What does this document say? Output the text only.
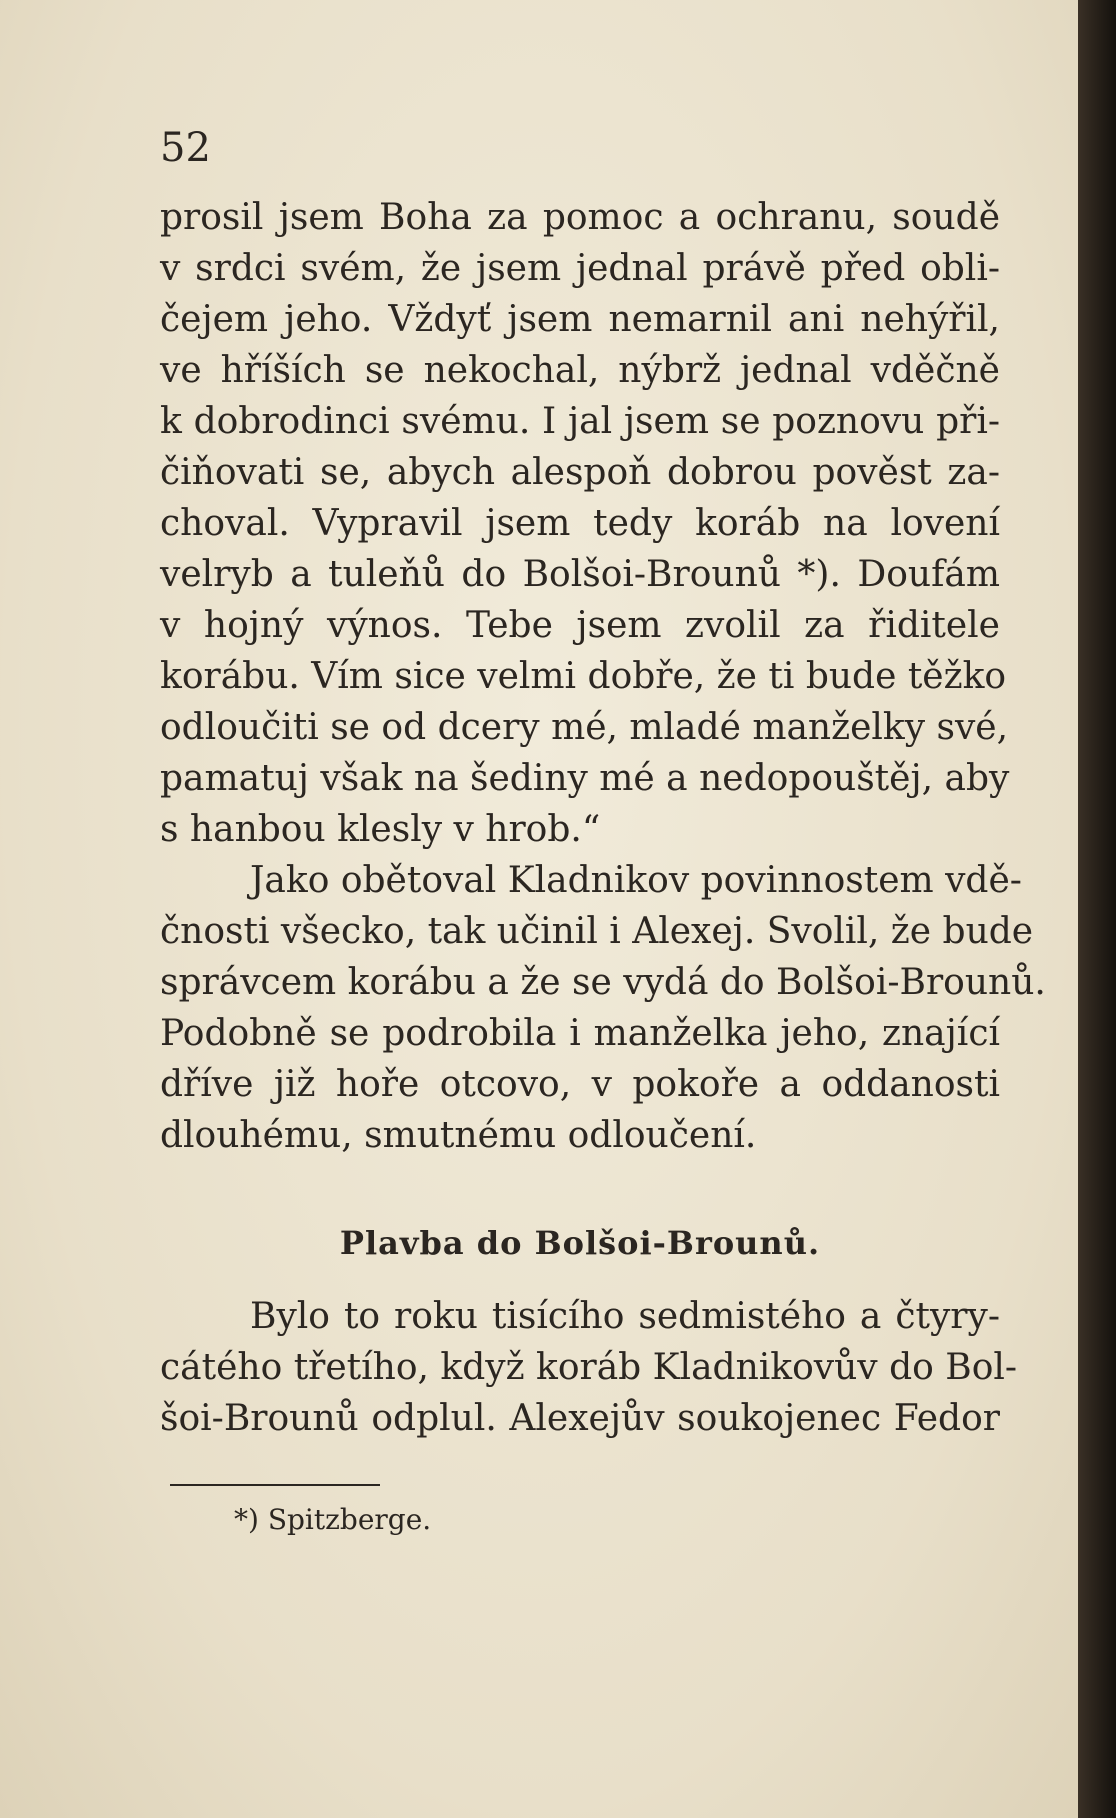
52
prosil jsem Boha za pomoc a ochranu, soudě
v srdci svém, že jsem jednal právě před obli-
čejem jeho. Vždyť jsem nemarnil ani nehýřil,
ve hříších se nekochal, nýbrž jednal vděčně
k dobrodinci svému. I jal jsem se poznovu při-
čiňovati se, abych alespoň dobrou pověst za-
choval. Vypravil jsem tedy koráb na lovení
velryb a tuleňů do Bolšoi-Brounů *). Doufám
v hojný výnos. Tebe jsem zvolil za řiditele
korábu. Vím sice velmi dobře, že ti bude těžko
odloučiti se od dcery mé, mladé manželky své,
pamatuj však na šediny mé a nedopouštěj, aby
s hanbou klesly v hrob.“
Jako obětoval Kladnikov povinnostem vdě-
čnosti všecko, tak učinil i Alexej. Svolil, že bude
správcem korábu a že se vydá do Bolšoi-Brounů.
Podobně se podrobila i manželka jeho, znající
dříve již hoře otcovo, v pokoře a oddanosti
dlouhému, smutnému odloučení.
Plavba do Bolšoi-Brounů.
Bylo to roku tisícího sedmistého a čtyry-
cátého třetího, když koráb Kladnikovův do Bol-
šoi-Brounů odplul. Alexejův soukojenec Fedor
*) Spitzberge.
